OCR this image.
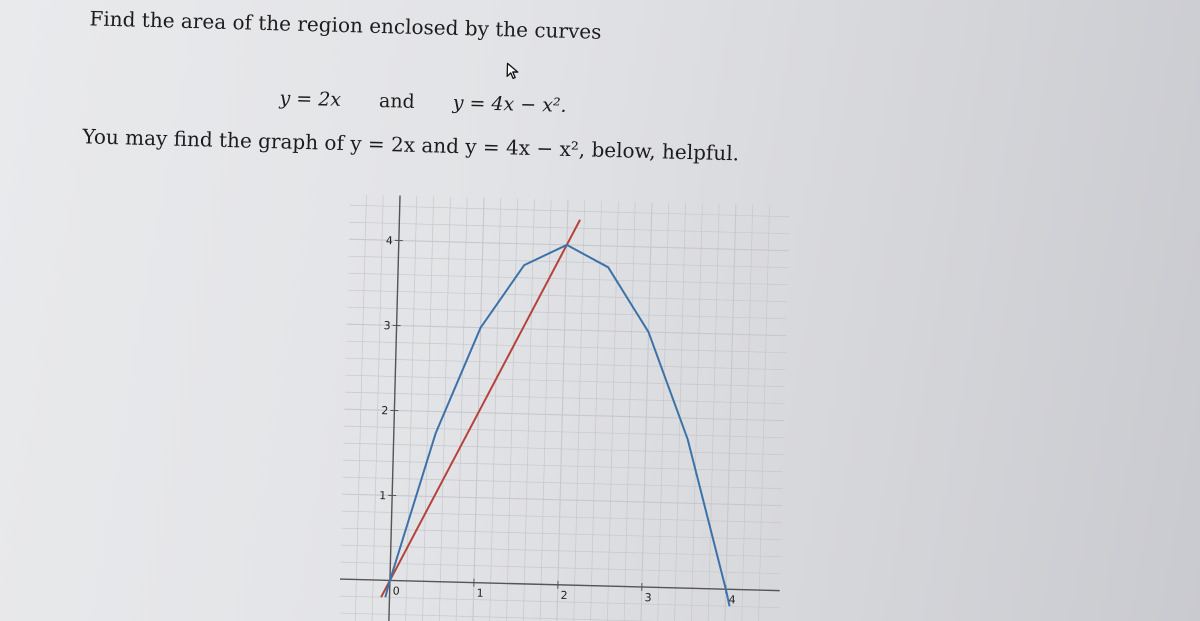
Find the area of the region enclosed by the curves
y = 2x and y = 4x − x².
You may find the graph of y = 2x and y = 4x − x², below, helpful.
0	1	2	3	4
1
2
3
4
